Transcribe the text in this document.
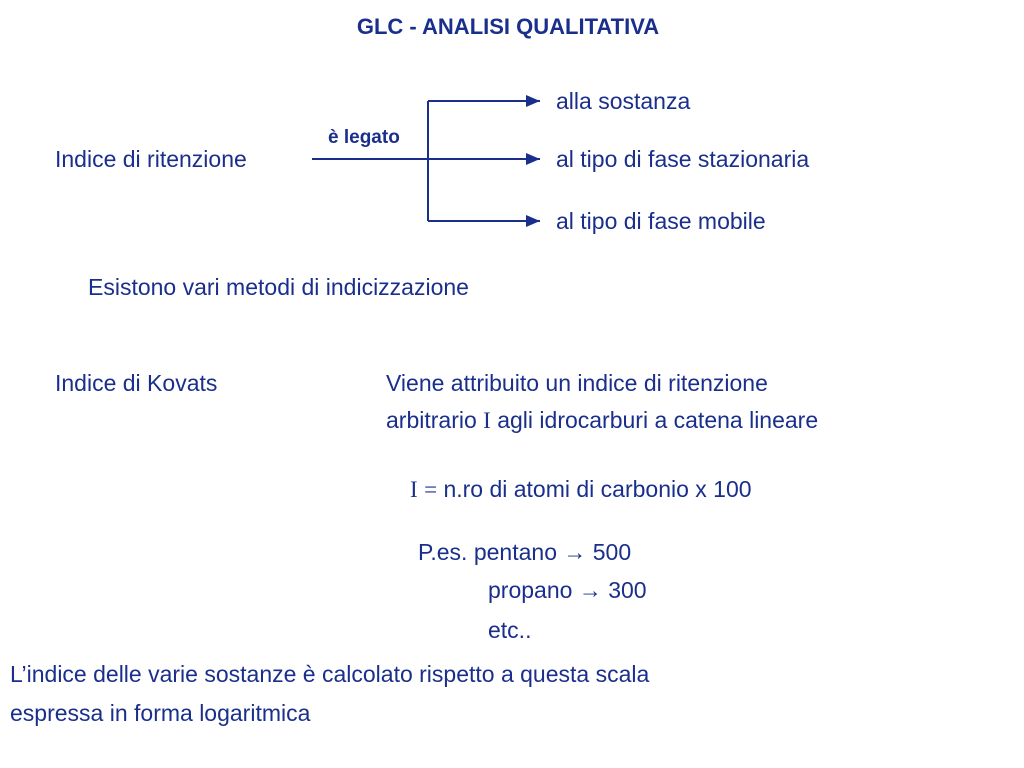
GLC - ANALISI QUALITATIVA
Indice di ritenzione
è legato
alla sostanza
al tipo di fase stazionaria
al tipo di fase mobile
Esistono vari metodi di indicizzazione
Indice di Kovats	Viene attribuito un indice di ritenzione
arbitrario I agli idrocarburi a catena lineare
I = n.ro di atomi di carbonio x 100
P.es. pentano → 500
propano → 300
etc..
L’indice delle varie sostanze è calcolato rispetto a questa scala
espressa in forma logaritmica
